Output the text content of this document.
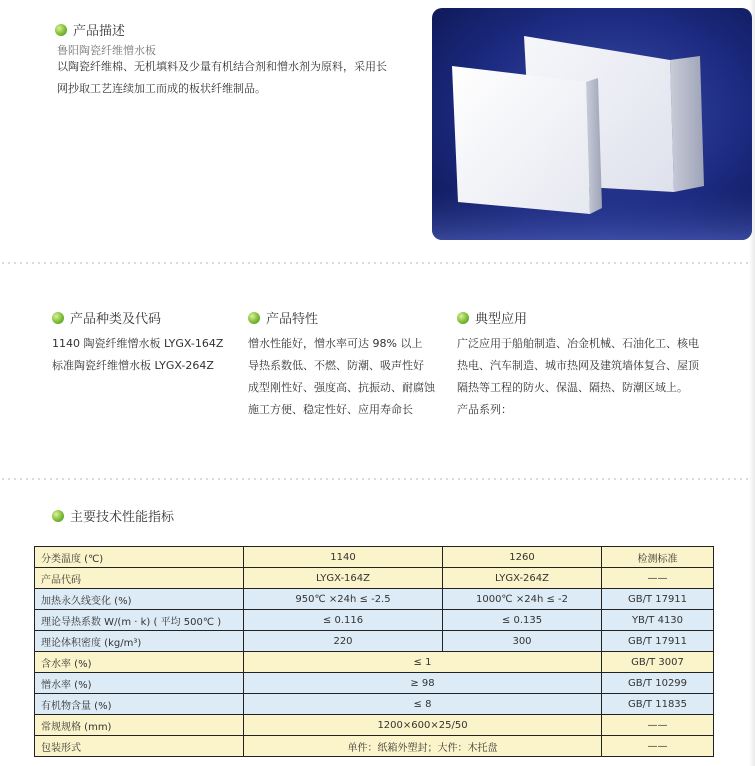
产品描述
鲁阳陶瓷纤维憎水板
以陶瓷纤维棉、无机填料及少量有机结合剂和憎水剂为原料，采用长
网抄取工艺连续加工而成的板状纤维制品。
产品种类及代码
1140 陶瓷纤维憎水板 LYGX-164Z
标准陶瓷纤维憎水板 LYGX-264Z
产品特性
憎水性能好，憎水率可达 98% 以上
导热系数低、不燃、防潮、吸声性好
成型刚性好、强度高、抗振动、耐腐蚀
施工方便、稳定性好、应用寿命长
典型应用
广泛应用于船舶制造、冶金机械、石油化工、核电
热电、汽车制造、城市热网及建筑墙体复合、屋顶
隔热等工程的防火、保温、隔热、防潮区域上。
产品系列：
主要技术性能指标
分类温度 (℃)	1140	1260	检测标准
产品代码	LYGX-164Z	LYGX-264Z	——
加热永久线变化 (%)	950℃ ×24h ≤ -2.5	1000℃ ×24h ≤ -2	GB/T 17911
理论导热系数 W/(m · k) ( 平均 500℃ )	≤ 0.116	≤ 0.135	YB/T 4130
理论体积密度 (kg/m³)	220	300	GB/T 17911
含水率 (%)	≤ 1		GB/T 3007
憎水率 (%)	≥ 98		GB/T 10299
有机物含量 (%)	≤ 8		GB/T 11835
常规规格 (mm)	1200×600×25/50		——
包装形式	单件：纸箱外塑封；大件：木托盘		——
